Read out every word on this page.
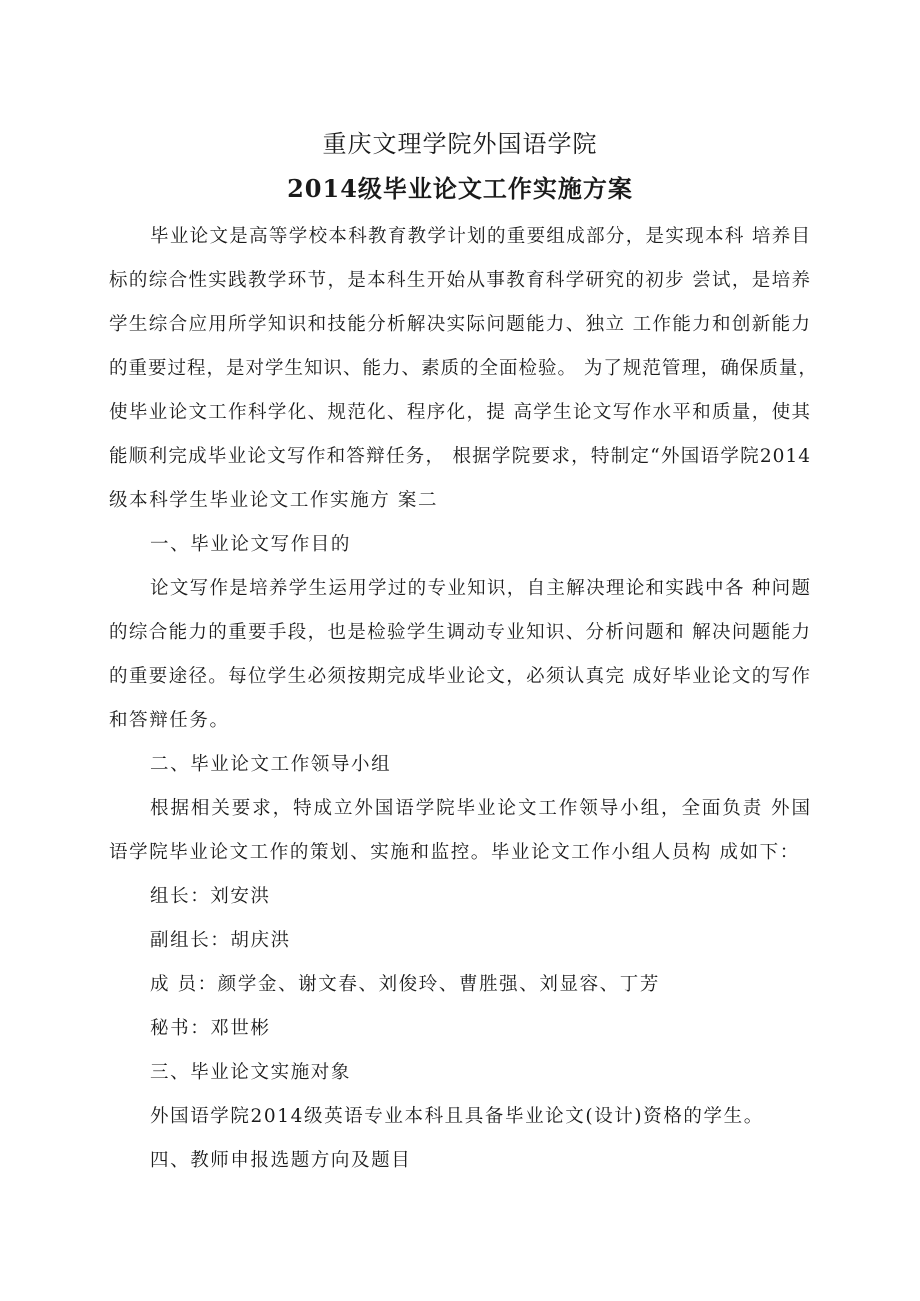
重庆文理学院外国语学院
2014级毕业论文工作实施方案
毕业论文是高等学校本科教育教学计划的重要组成部分，是实现本科 培养目
标的综合性实践教学环节，是本科生开始从事教育科学研究的初步 尝试，是培养
学生综合应用所学知识和技能分析解决实际问题能力、独立 工作能力和创新能力
的重要过程，是对学生知识、能力、素质的全面检验。 为了规范管理，确保质量，
使毕业论文工作科学化、规范化、程序化，提 高学生论文写作水平和质量，使其
能顺利完成毕业论文写作和答辩任务， 根据学院要求，特制定“外国语学院2014
级本科学生毕业论文工作实施方 案二
一、毕业论文写作目的
论文写作是培养学生运用学过的专业知识，自主解决理论和实践中各 种问题
的综合能力的重要手段，也是检验学生调动专业知识、分析问题和 解决问题能力
的重要途径。每位学生必须按期完成毕业论文，必须认真完 成好毕业论文的写作
和答辩任务。
二、毕业论文工作领导小组
根据相关要求，特成立外国语学院毕业论文工作领导小组，全面负责 外国
语学院毕业论文工作的策划、实施和监控。毕业论文工作小组人员构 成如下：
组长：刘安洪
副组长：胡庆洪
成 员：颜学金、谢文春、刘俊玲、曹胜强、刘显容、丁芳
秘书：邓世彬
三、毕业论文实施对象
外国语学院2014级英语专业本科且具备毕业论文(设计)资格的学生。
四、教师申报选题方向及题目
